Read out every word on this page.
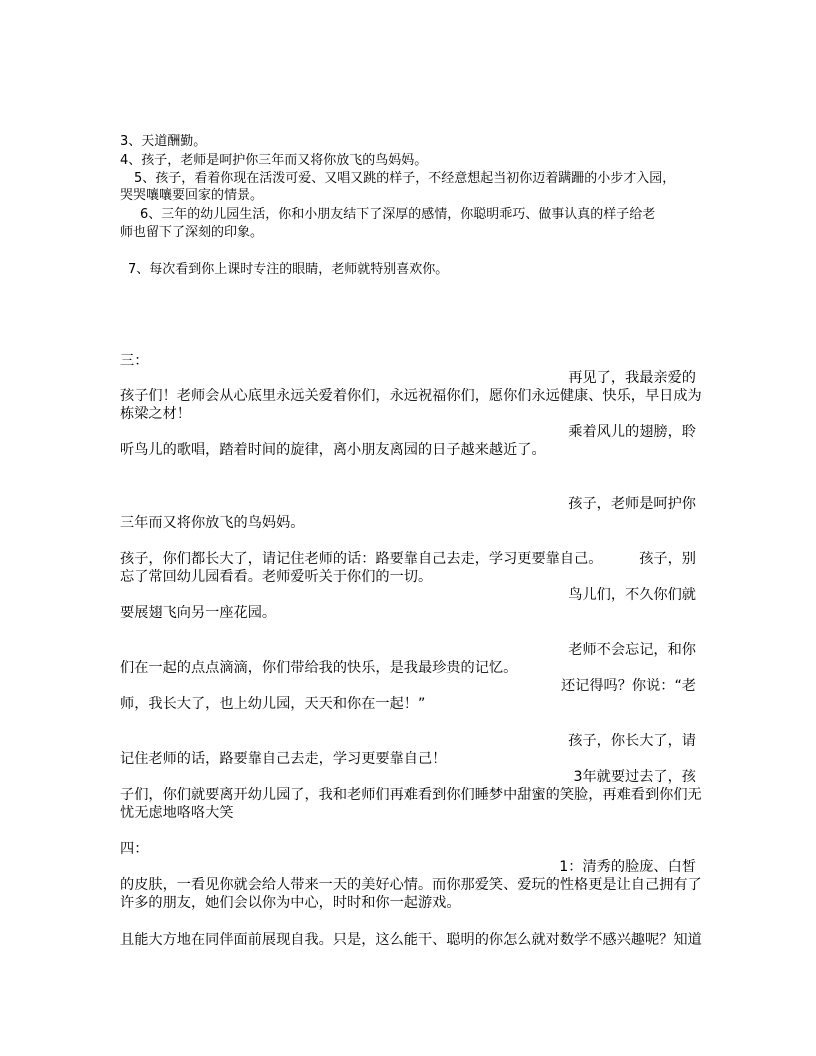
3、天道酬勤。
4、孩子，老师是呵护你三年而又将你放飞的鸟妈妈。
5、孩子，看着你现在活泼可爱、又唱又跳的样子，不经意想起当初你迈着蹒跚的小步才入园，
哭哭嚷嚷要回家的情景。
6、三年的幼儿园生活，你和小朋友结下了深厚的感情，你聪明乖巧、做事认真的样子给老
师也留下了深刻的印象。
7、每次看到你上课时专注的眼睛，老师就特别喜欢你。
三：
再见了，我最亲爱的
孩子们！老师会从心底里永远关爱着你们，永远祝福你们，愿你们永远健康、快乐，早日成为
栋梁之材！
乘着风儿的翅膀，聆
听鸟儿的歌唱，踏着时间的旋律，离小朋友离园的日子越来越近了。
孩子，老师是呵护你
三年而又将你放飞的鸟妈妈。
孩子，你们都长大了，请记住老师的话：路要靠自己去走，学习更要靠自己。	孩子，别
忘了常回幼儿园看看。老师爱听关于你们的一切。
鸟儿们，不久你们就
要展翅飞向另一座花园。
老师不会忘记，和你
们在一起的点点滴滴，你们带给我的快乐，是我最珍贵的记忆。
还记得吗？你说：“老
师，我长大了，也上幼儿园，天天和你在一起！”
孩子，你长大了，请
记住老师的话，路要靠自己去走，学习更要靠自己！
3年就要过去了，孩
子们，你们就要离开幼儿园了，我和老师们再难看到你们睡梦中甜蜜的笑脸，再难看到你们无
忧无虑地咯咯大笑
四：
1：清秀的脸庞、白皙
的皮肤，一看见你就会给人带来一天的美好心情。而你那爱笑、爱玩的性格更是让自己拥有了
许多的朋友，她们会以你为中心，时时和你一起游戏。
且能大方地在同伴面前展现自我。只是，这么能干、聪明的你怎么就对数学不感兴趣呢？知道
